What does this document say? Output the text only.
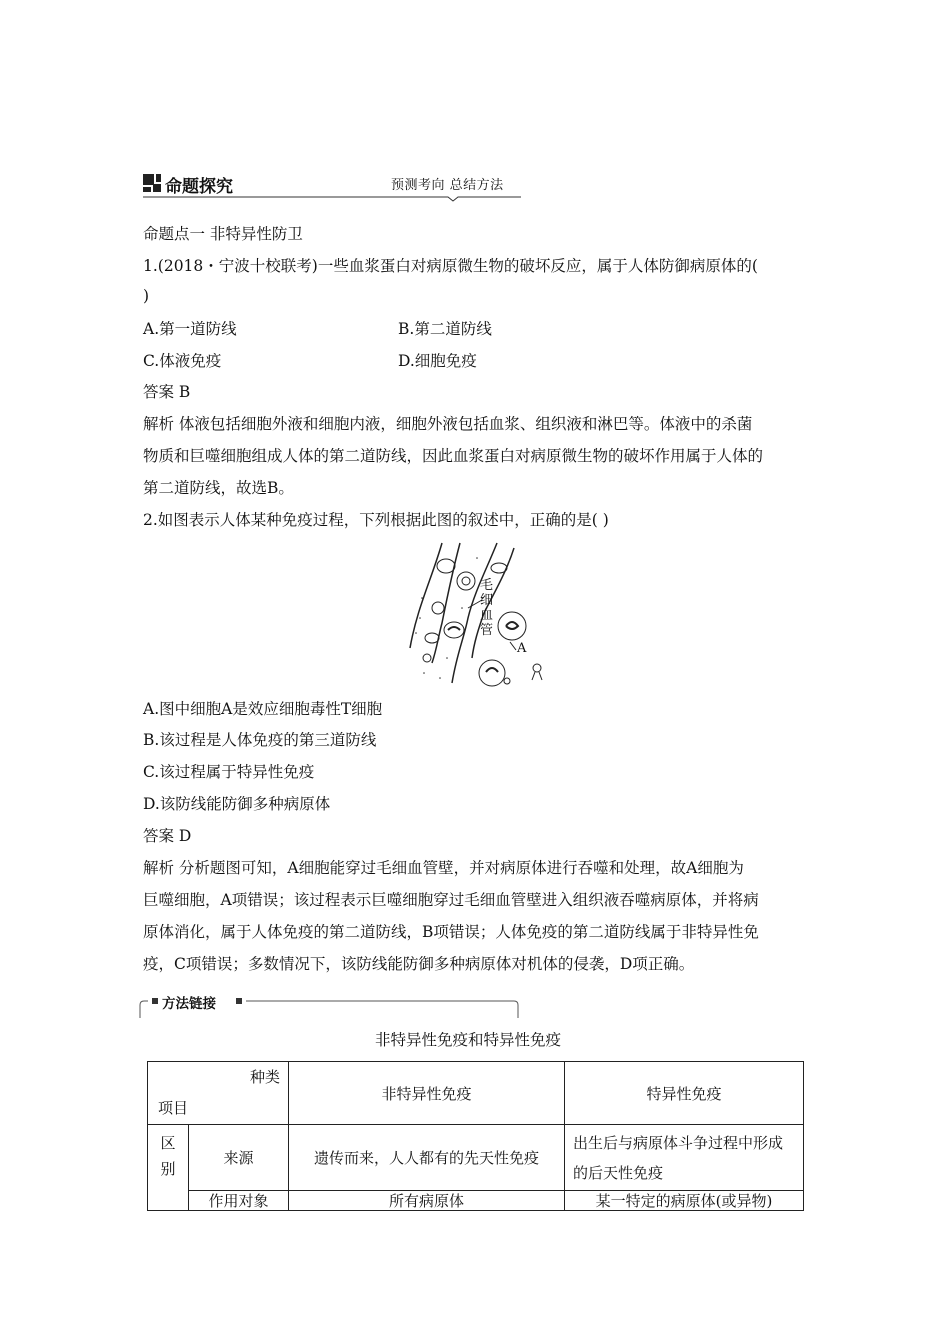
命题探究	预测考向 总结方法
命题点一 非特异性防卫
1.(2018・宁波十校联考)一些血浆蛋白对病原微生物的破坏反应，属于人体防御病原体的(
)
A.第一道防线	B.第二道防线
C.体液免疫	D.细胞免疫
答案 B
解析 体液包括细胞外液和细胞内液，细胞外液包括血浆、组织液和淋巴等。体液中的杀菌
物质和巨噬细胞组成人体的第二道防线，因此血浆蛋白对病原微生物的破坏作用属于人体的
第二道防线，故选B。
2.如图表示人体某种免疫过程，下列根据此图的叙述中，正确的是( )
毛细血管
A
A.图中细胞A是效应细胞毒性T细胞
B.该过程是人体免疫的第三道防线
C.该过程属于特异性免疫
D.该防线能防御多种病原体
答案 D
解析 分析题图可知，A细胞能穿过毛细血管壁，并对病原体进行吞噬和处理，故A细胞为
巨噬细胞，A项错误；该过程表示巨噬细胞穿过毛细血管壁进入组织液吞噬病原体，并将病
原体消化，属于人体免疫的第二道防线，B项错误；人体免疫的第二道防线属于非特异性免
疫，C项错误；多数情况下，该防线能防御多种病原体对机体的侵袭，D项正确。
方法链接
非特异性免疫和特异性免疫
种类
项目		非特异性免疫	特异性免疫

区别	来源	遗传而来，人人都有的先天性免疫	出生后与病原体斗争过程中形成的后天性免疫
	作用对象	所有病原体	某一特定的病原体(或异物)
